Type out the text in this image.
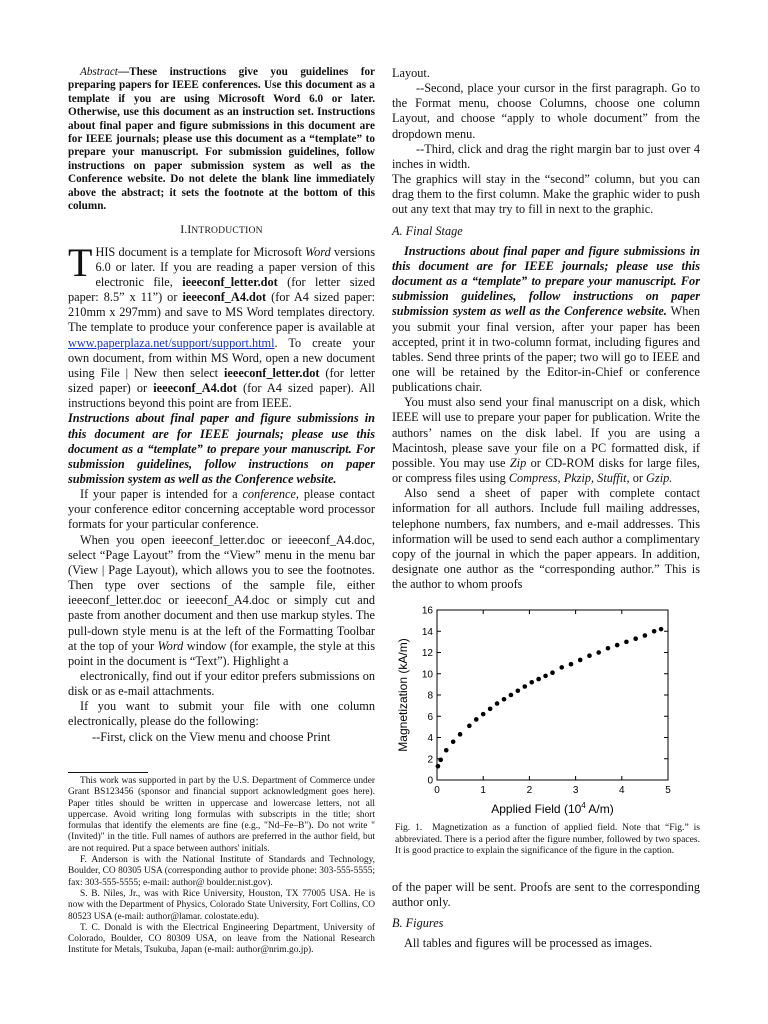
Abstract—These instructions give you guidelines for preparing papers for IEEE conferences. Use this document as a template if you are using Microsoft Word 6.0 or later. Otherwise, use this document as an instruction set. Instructions about final paper and figure submissions in this document are for IEEE journals; please use this document as a “template” to prepare your manuscript. For submission guidelines, follow instructions on paper submission system as well as the Conference website. Do not delete the blank line immediately above the abstract; it sets the footnote at the bottom of this column.

I.INTRODUCTION

THIS document is a template for Microsoft Word versions 6.0 or later. If you are reading a paper version of this electronic file, ieeeconf_letter.dot (for letter sized paper: 8.5” x 11”) or ieeeconf_A4.dot (for A4 sized paper: 210mm x 297mm) and save to MS Word templates directory. The template to produce your conference paper is available at www.paperplaza.net/support/support.html. To create your own document, from within MS Word, open a new document using File | New then select ieeeconf_letter.dot (for letter sized paper) or ieeeconf_A4.dot (for A4 sized paper). All instructions beyond this point are from IEEE.

Instructions about final paper and figure submissions in this document are for IEEE journals; please use this document as a “template” to prepare your manuscript. For submission guidelines, follow instructions on paper submission system as well as the Conference website.

If your paper is intended for a conference, please contact your conference editor concerning acceptable word processor formats for your particular conference.

When you open ieeeconf_letter.doc or ieeeconf_A4.doc, select “Page Layout” from the “View” menu in the menu bar (View | Page Layout), which allows you to see the footnotes. Then type over sections of the sample file, either ieeeconf_letter.doc or ieeeconf_A4.doc or simply cut and paste from another document and then use markup styles. The pull-down style menu is at the left of the Formatting Toolbar at the top of your Word window (for example, the style at this point in the document is “Text”). Highlight a

electronically, find out if your editor prefers submissions on disk or as e-mail attachments.

If you want to submit your file with one column electronically, please do the following:

--First, click on the View menu and choose Print

This work was supported in part by the U.S. Department of Commerce under Grant BS123456 (sponsor and financial support acknowledgment goes here). Paper titles should be written in uppercase and lowercase letters, not all uppercase. Avoid writing long formulas with subscripts in the title; short formulas that identify the elements are fine (e.g., "Nd–Fe–B"). Do not write "(Invited)" in the title. Full names of authors are preferred in the author field, but are not required. Put a space between authors' initials.

F. Anderson is with the National Institute of Standards and Technology, Boulder, CO 80305 USA (corresponding author to provide phone: 303-555-5555; fax: 303-555-5555; e-mail: author@ boulder.nist.gov).

S. B. Niles, Jr., was with Rice University, Houston, TX 77005 USA. He is now with the Department of Physics, Colorado State University, Fort Collins, CO 80523 USA (e-mail: author@lamar. colostate.edu).

T. C. Donald is with the Electrical Engineering Department, University of Colorado, Boulder, CO 80309 USA, on leave from the National Research Institute for Metals, Tsukuba, Japan (e-mail: author@nrim.go.jp).

Layout.

--Second, place your cursor in the first paragraph. Go to the Format menu, choose Columns, choose one column Layout, and choose “apply to whole document” from the dropdown menu.

--Third, click and drag the right margin bar to just over 4 inches in width.

The graphics will stay in the “second” column, but you can drag them to the first column. Make the graphic wider to push out any text that may try to fill in next to the graphic.

A. Final Stage

Instructions about final paper and figure submissions in this document are for IEEE journals; please use this document as a “template” to prepare your manuscript. For submission guidelines, follow instructions on paper submission system as well as the Conference website. When you submit your final version, after your paper has been accepted, print it in two-column format, including figures and tables. Send three prints of the paper; two will go to IEEE and one will be retained by the Editor-in-Chief or conference publications chair.

You must also send your final manuscript on a disk, which IEEE will use to prepare your paper for publication. Write the authors’ names on the disk label. If you are using a Macintosh, please save your file on a PC formatted disk, if possible. You may use Zip or CD-ROM disks for large files, or compress files using Compress, Pkzip, Stuffit, or Gzip.

Also send a sheet of paper with complete contact information for all authors. Include full mailing addresses, telephone numbers, fax numbers, and e-mail addresses. This information will be used to send each author a complimentary copy of the journal in which the paper appears. In addition, designate one author as the “corresponding author.” This is the author to whom proofs

0	1	2	3	4	5
0
2
4
6
8
10
12
14
16
Magnetization (kA/m)
Applied Field ($10^4$ A/m)
Fig. 1. Magnetization as a function of applied field. Note that “Fig.” is abbreviated. There is a period after the figure number, followed by two spaces. It is good practice to explain the significance of the figure in the caption.

of the paper will be sent. Proofs are sent to the corresponding author only.

B. Figures

All tables and figures will be processed as images.
